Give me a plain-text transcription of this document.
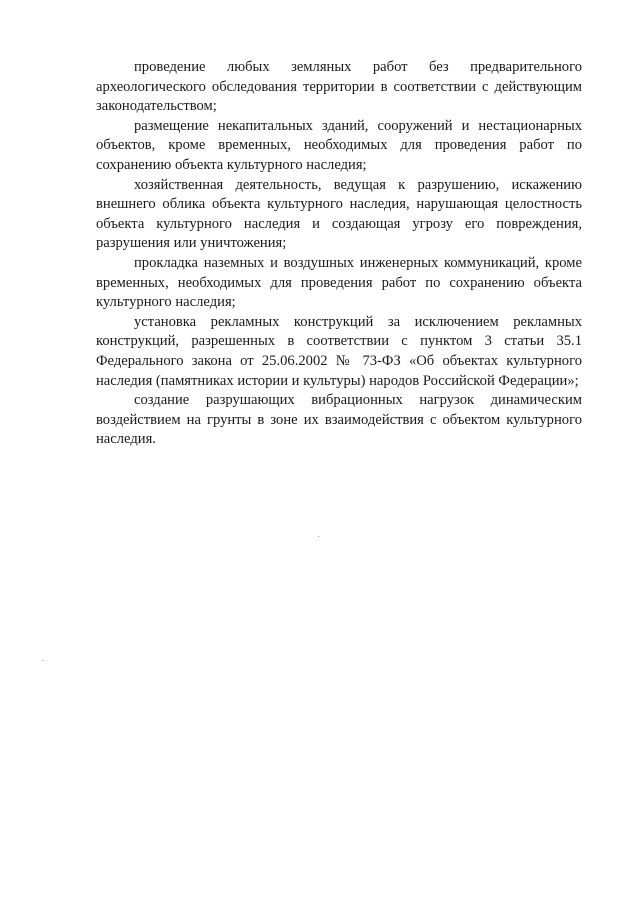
проведение любых земляных работ без предварительного археологического обследования территории в соответствии с действующим законодательством;

размещение некапитальных зданий, сооружений и нестационарных объектов, кроме временных, необходимых для проведения работ по сохранению объекта культурного наследия;

хозяйственная деятельность, ведущая к разрушению, искажению внешнего облика объекта культурного наследия, нарушающая целостность объекта культурного наследия и создающая угрозу его повреждения, разрушения или уничтожения;

прокладка наземных и воздушных инженерных коммуникаций, кроме временных, необходимых для проведения работ по сохранению объекта культурного наследия;

установка рекламных конструкций за исключением рекламных конструкций, разрешенных в соответствии с пунктом 3 статьи 35.1 Федерального закона от 25.06.2002 № 73-ФЗ «Об объектах культурного наследия (памятниках истории и культуры) народов Российской Федерации»;

создание разрушающих вибрационных нагрузок динамическим воздействием на грунты в зоне их взаимодействия с объектом культурного наследия.
